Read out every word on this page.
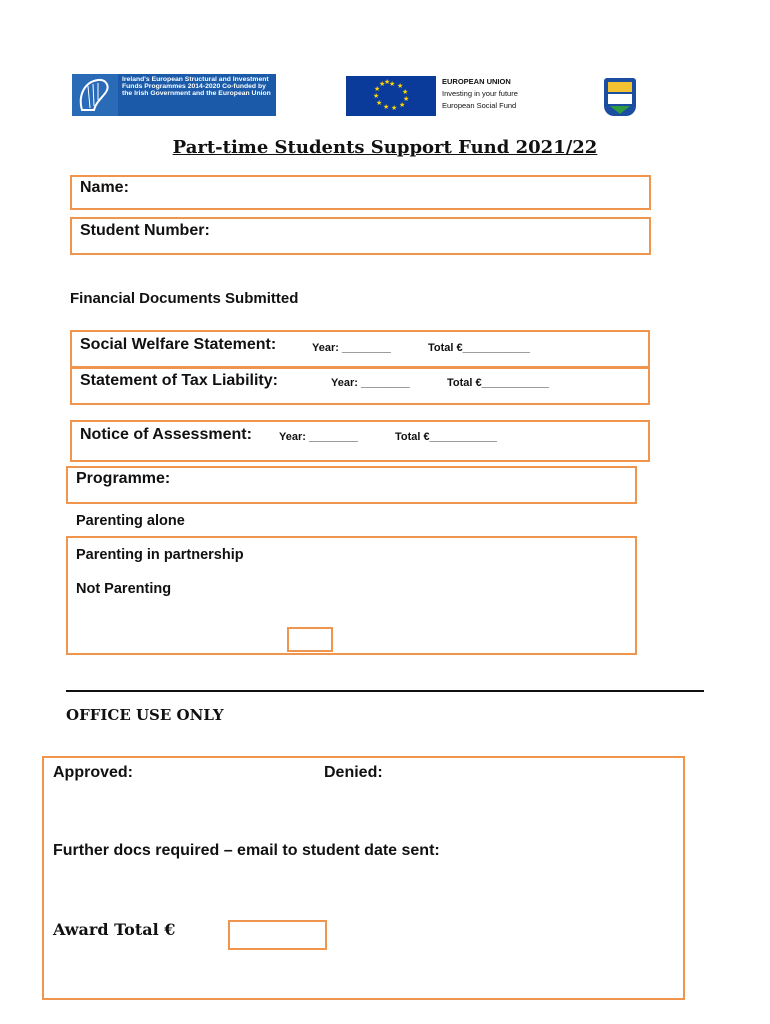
Ireland's European Structural and Investment Funds Programmes 2014-2020 Co-funded by the Irish Government and the European Union
★ ★
★
★
★
★
★
★
★
★
★
★	EUROPEAN UNION
Investing in your future
European Social Fund
Part-time Students Support Fund 2021/22
Name:
Student Number:
Financial Documents Submitted
Social Welfare Statement:	Year: ________	Total €___________
Statement of Tax Liability:	Year: ________	Total €___________
Notice of Assessment: Year: ________	Total €___________
Programme:
Parenting alone
Parenting in partnership
Not Parenting
OFFICE USE ONLY
Approved:	Denied:
Further docs required – email to student date sent:
Award Total €
